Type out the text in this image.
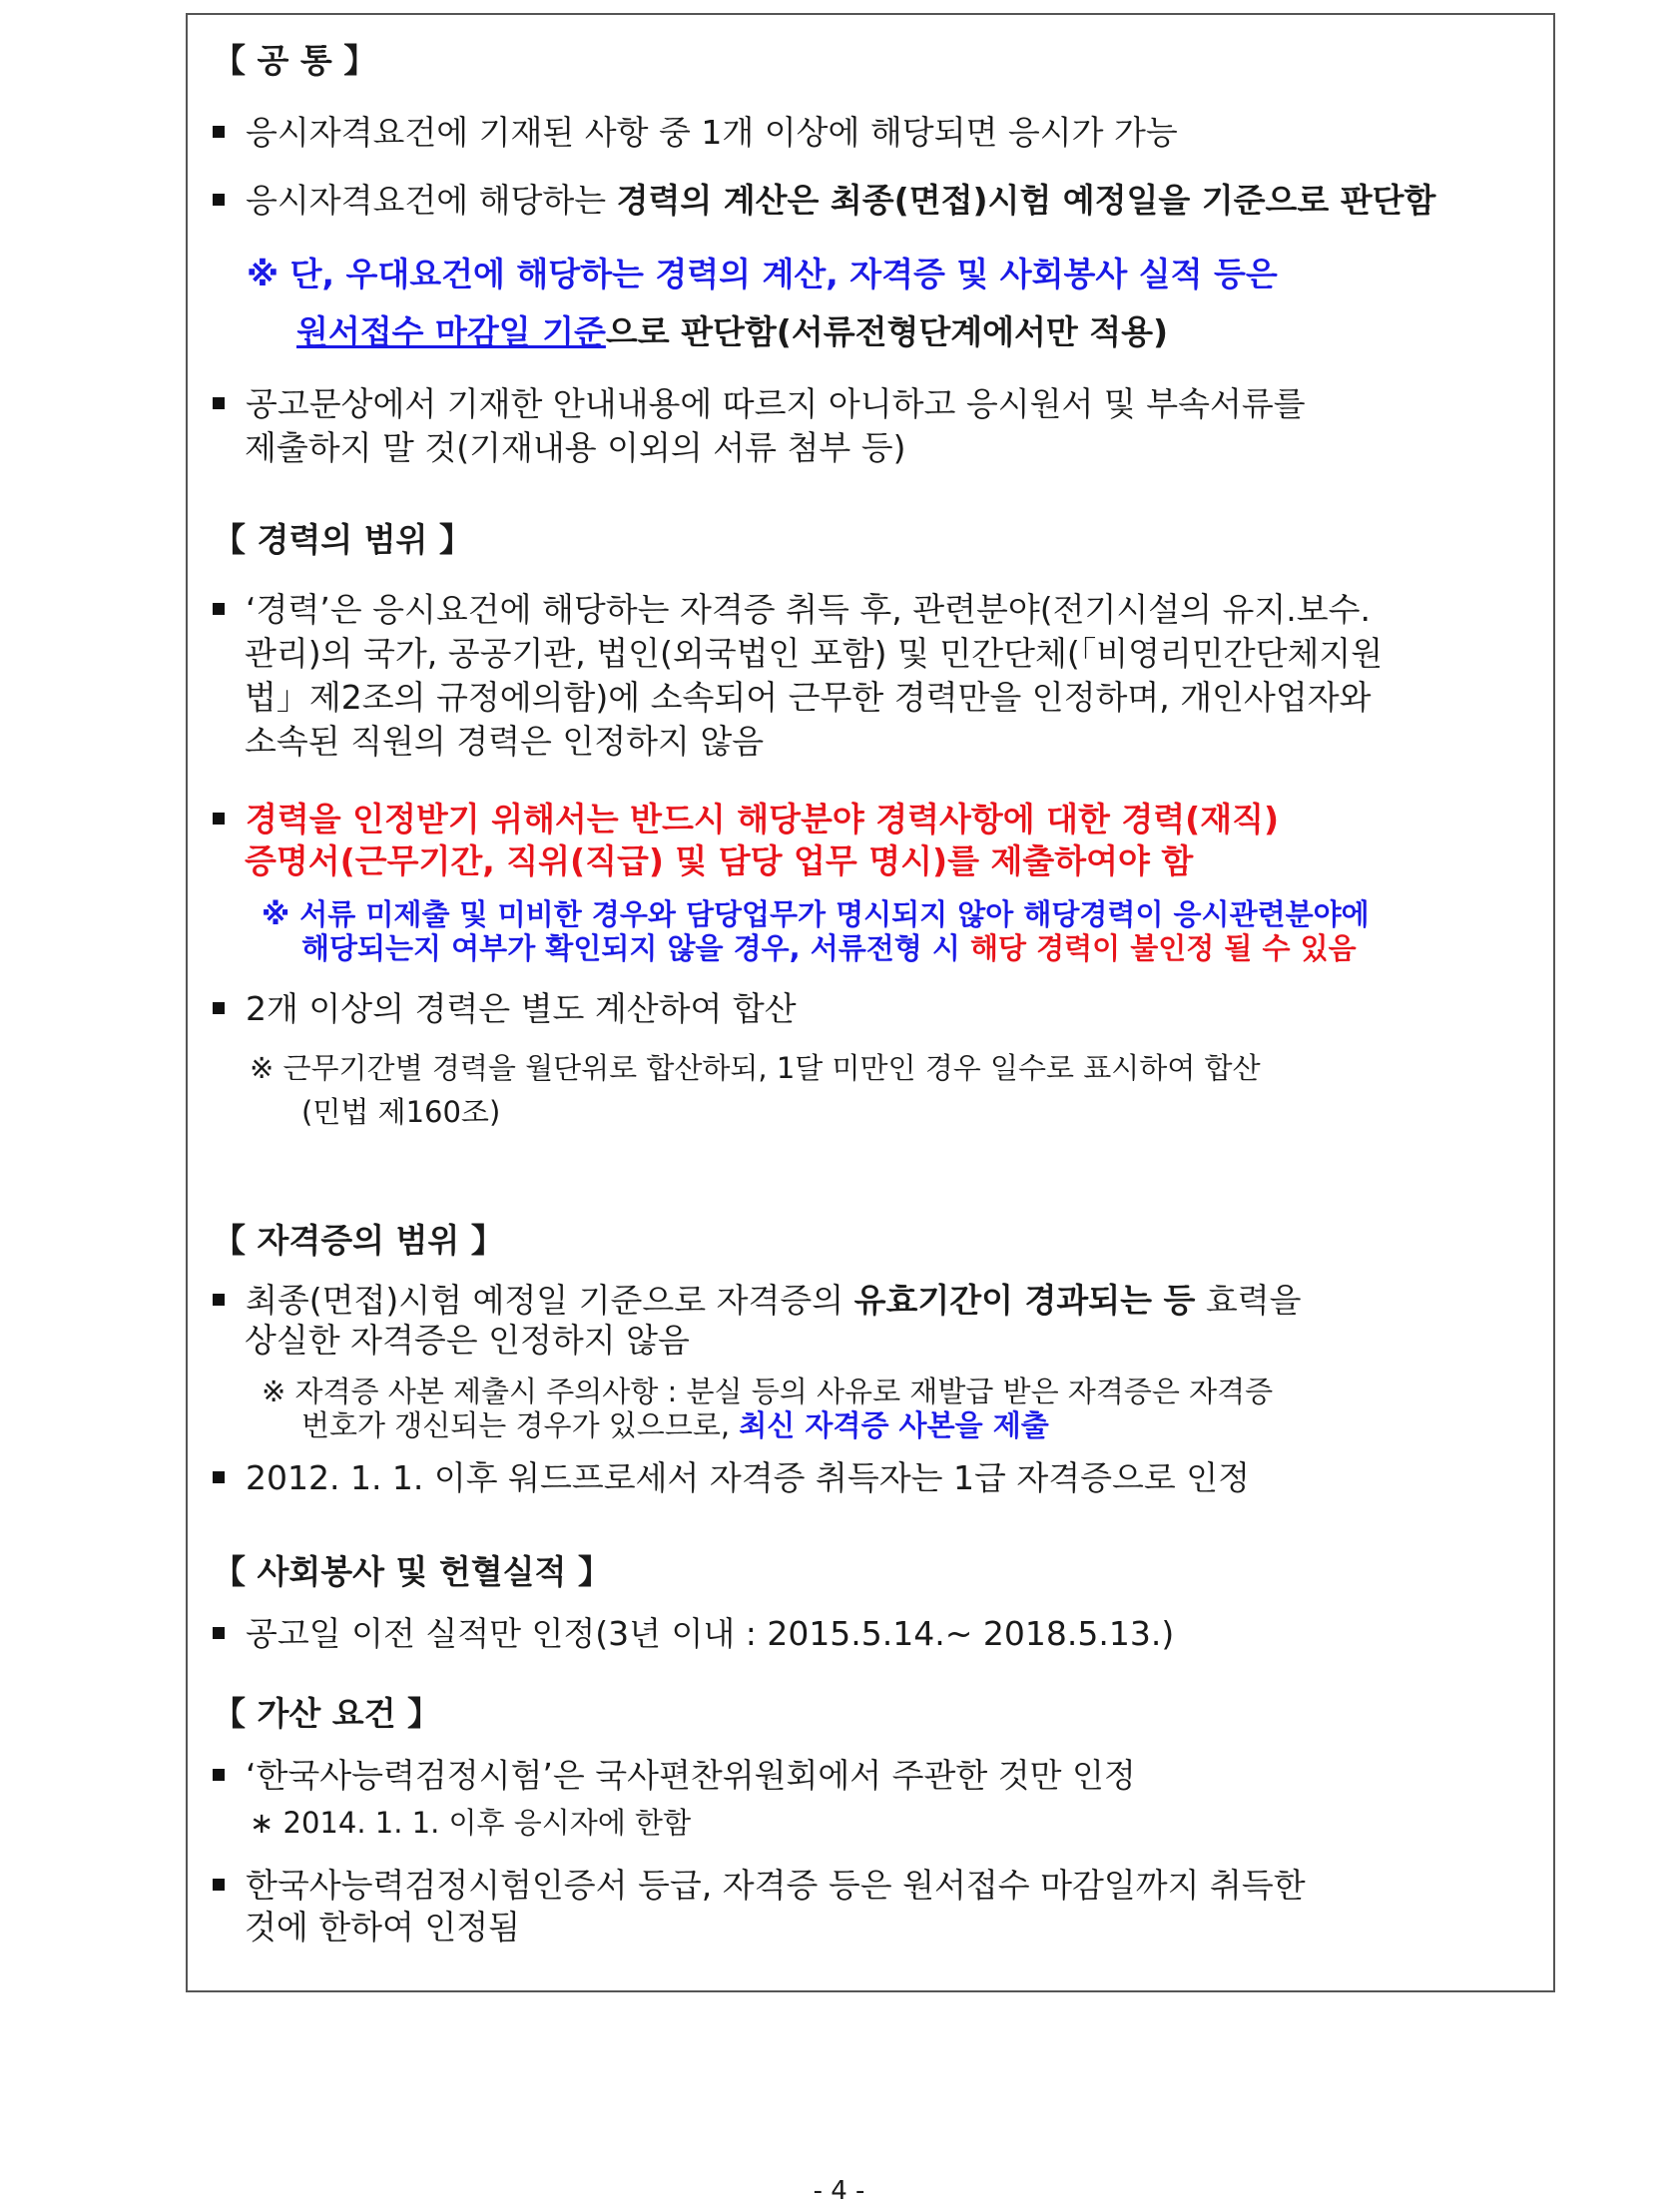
【 공 통 】
응시자격요건에 기재된 사항 중 1개 이상에 해당되면 응시가 가능
응시자격요건에 해당하는 경력의 계산은 최종(면접)시험 예정일을 기준으로 판단함
※ 단, 우대요건에 해당하는 경력의 계산, 자격증 및 사회봉사 실적 등은
원서접수 마감일 기준으로 판단함(서류전형단계에서만 적용)
공고문상에서 기재한 안내내용에 따르지 아니하고 응시원서 및 부속서류를
제출하지 말 것(기재내용 이외의 서류 첨부 등)
【 경력의 범위 】
‘경력’은 응시요건에 해당하는 자격증 취득 후, 관련분야(전기시설의 유지.보수.
관리)의 국가, 공공기관, 법인(외국법인 포함) 및 민간단체(「비영리민간단체지원
법」제2조의 규정에의함)에 소속되어 근무한 경력만을 인정하며, 개인사업자와
소속된 직원의 경력은 인정하지 않음
경력을 인정받기 위해서는 반드시 해당분야 경력사항에 대한 경력(재직)
증명서(근무기간, 직위(직급) 및 담당 업무 명시)를 제출하여야 함
※ 서류 미제출 및 미비한 경우와 담당업무가 명시되지 않아 해당경력이 응시관련분야에
해당되는지 여부가 확인되지 않을 경우, 서류전형 시 해당 경력이 불인정 될 수 있음
2개 이상의 경력은 별도 계산하여 합산
※ 근무기간별 경력을 월단위로 합산하되, 1달 미만인 경우 일수로 표시하여 합산
(민법 제160조)
【 자격증의 범위 】
최종(면접)시험 예정일 기준으로 자격증의 유효기간이 경과되는 등 효력을
상실한 자격증은 인정하지 않음
※ 자격증 사본 제출시 주의사항 : 분실 등의 사유로 재발급 받은 자격증은 자격증
번호가 갱신되는 경우가 있으므로, 최신 자격증 사본을 제출
2012. 1. 1. 이후 워드프로세서 자격증 취득자는 1급 자격증으로 인정
【 사회봉사 및 헌혈실적 】
공고일 이전 실적만 인정(3년 이내 : 2015.5.14.~ 2018.5.13.)
【 가산 요건 】
‘한국사능력검정시험’은 국사편찬위원회에서 주관한 것만 인정
∗ 2014. 1. 1. 이후 응시자에 한함
한국사능력검정시험인증서 등급, 자격증 등은 원서접수 마감일까지 취득한
것에 한하여 인정됨
- 4 -
